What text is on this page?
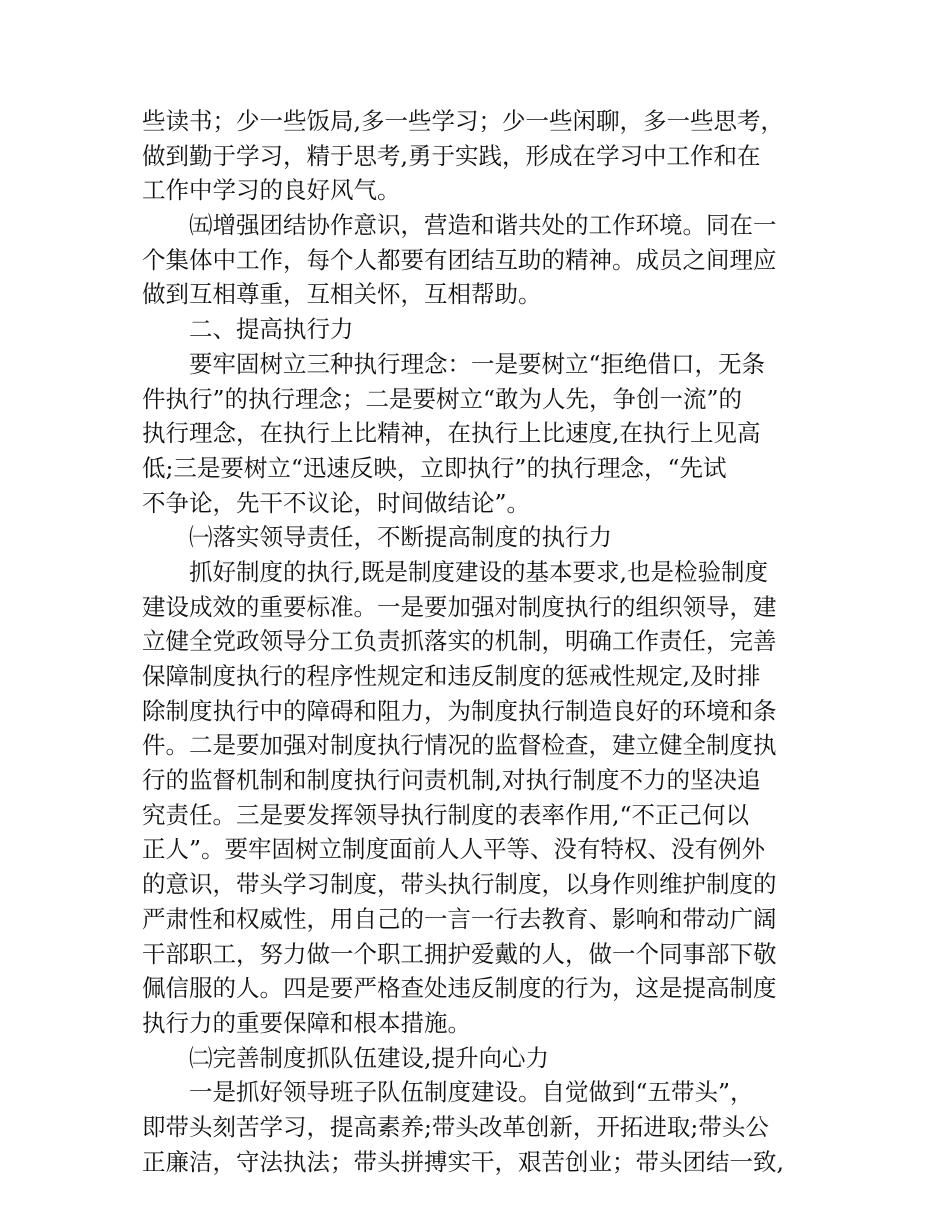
些读书；少一些饭局,多一些学习；少一些闲聊，多一些思考，
做到勤于学习，精于思考,勇于实践，形成在学习中工作和在
工作中学习的良好风气。
㈤增强团结协作意识，营造和谐共处的工作环境。同在一
个集体中工作，每个人都要有团结互助的精神。成员之间理应
做到互相尊重，互相关怀，互相帮助。
二、提高执行力
要牢固树立三种执行理念：一是要树立“拒绝借口，无条
件执行”的执行理念；二是要树立“敢为人先，争创一流”的
执行理念，在执行上比精神，在执行上比速度,在执行上见高
低;三是要树立“迅速反映，立即执行”的执行理念，“先试
不争论，先干不议论，时间做结论”。
㈠落实领导责任，不断提高制度的执行力
抓好制度的执行,既是制度建设的基本要求,也是检验制度
建设成效的重要标准。一是要加强对制度执行的组织领导，建
立健全党政领导分工负责抓落实的机制，明确工作责任，完善
保障制度执行的程序性规定和违反制度的惩戒性规定,及时排
除制度执行中的障碍和阻力，为制度执行制造良好的环境和条
件。二是要加强对制度执行情况的监督检查，建立健全制度执
行的监督机制和制度执行问责机制,对执行制度不力的坚决追
究责任。三是要发挥领导执行制度的表率作用,“不正己何以
正人”。要牢固树立制度面前人人平等、没有特权、没有例外
的意识，带头学习制度，带头执行制度，以身作则维护制度的
严肃性和权威性，用自己的一言一行去教育、影响和带动广阔
干部职工，努力做一个职工拥护爱戴的人，做一个同事部下敬
佩信服的人。四是要严格查处违反制度的行为，这是提高制度
执行力的重要保障和根本措施。
㈡完善制度抓队伍建设,提升向心力
一是抓好领导班子队伍制度建设。自觉做到“五带头”，
即带头刻苦学习，提高素养;带头改革创新，开拓进取;带头公
正廉洁，守法执法；带头拼搏实干，艰苦创业；带头团结一致,
